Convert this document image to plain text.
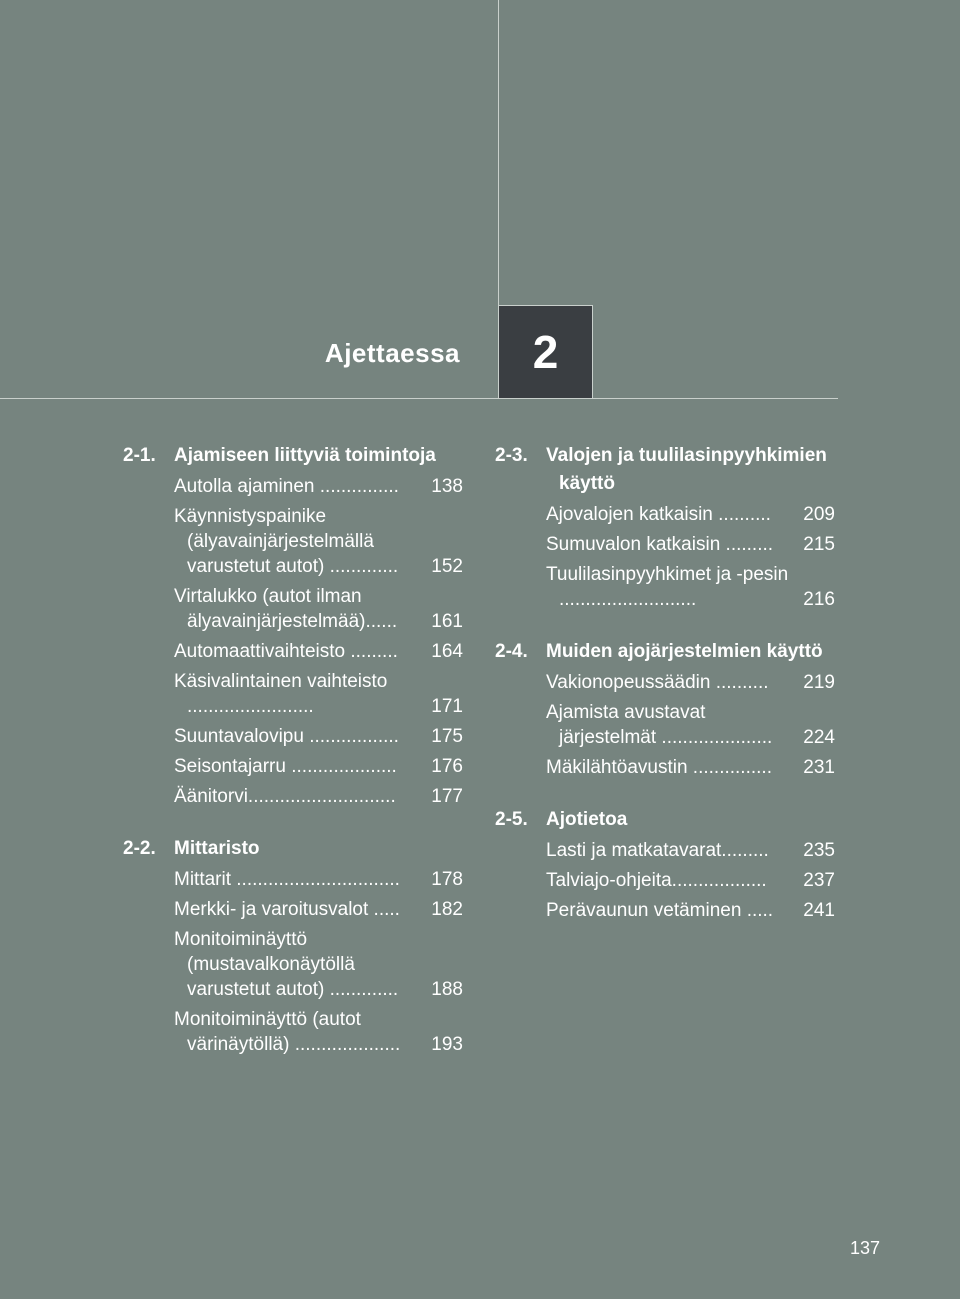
Ajettaessa 2
2-1. Ajamiseen liittyviä toimintoja
Autolla ajaminen ...............	138
Käynnistyspainike (älyavainjärjestelmällä varustetut autot) .............	152
Virtalukko (autot ilman älyavainjärjestelmää)......	161
Automaattivaihteisto .........	164
Käsivalintainen vaihteisto ........................	171
Suuntavalovipu .................	175
Seisontajarru ....................	176
Äänitorvi............................	177
2-2. Mittaristo
Mittarit ...............................	178
Merkki- ja varoitusvalot .....	182
Monitoiminäyttö (mustavalkonäytöllä varustetut autot) .............	188
Monitoiminäyttö (autot värinäytöllä) ....................	193
2-3. Valojen ja tuulilasinpyyhkimien käyttö
Ajovalojen katkaisin ..........	209
Sumuvalon katkaisin .........	215
Tuulilasinpyyhkimet ja -pesin ..........................	216
2-4. Muiden ajojärjestelmien käyttö
Vakionopeussäädin ..........	219
Ajamista avustavat järjestelmät .....................	224
Mäkilähtöavustin ...............	231
2-5. Ajotietoa
Lasti ja matkatavarat.........	235
Talviajo-ohjeita..................	237
Perävaunun vetäminen .....	241
137
